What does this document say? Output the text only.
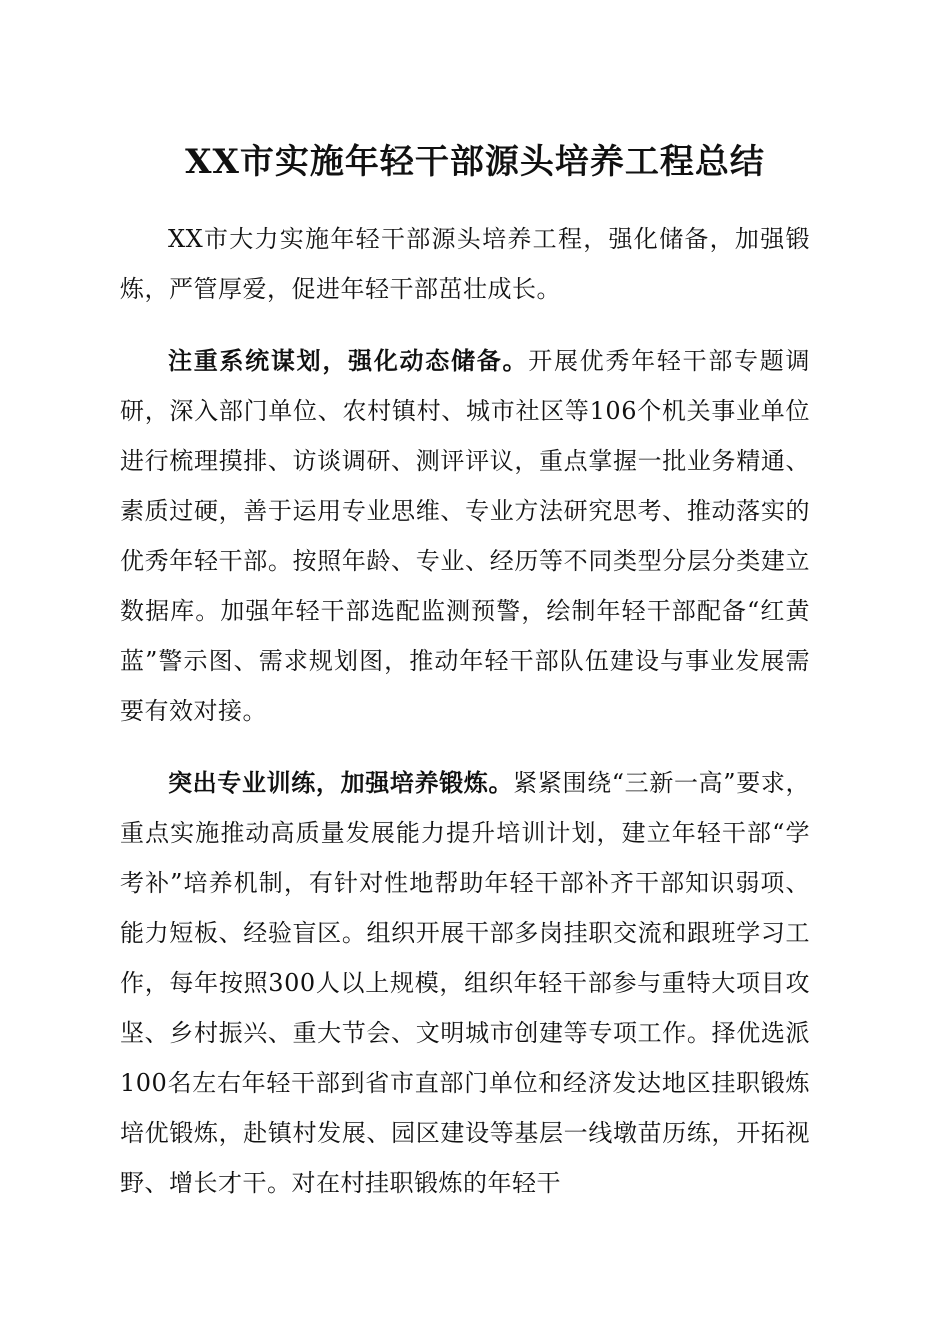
XX市实施年轻干部源头培养工程总结

XX市大力实施年轻干部源头培养工程，强化储备，加强锻炼，严管厚爱，促进年轻干部茁壮成长。

注重系统谋划，强化动态储备。开展优秀年轻干部专题调研，深入部门单位、农村镇村、城市社区等106个机关事业单位进行梳理摸排、访谈调研、测评评议，重点掌握一批业务精通、素质过硬，善于运用专业思维、专业方法研究思考、推动落实的优秀年轻干部。按照年龄、专业、经历等不同类型分层分类建立数据库。加强年轻干部选配监测预警，绘制年轻干部配备“红黄蓝”警示图、需求规划图，推动年轻干部队伍建设与事业发展需要有效对接。

突出专业训练，加强培养锻炼。紧紧围绕“三新一高”要求，重点实施推动高质量发展能力提升培训计划，建立年轻干部“学考补”培养机制，有针对性地帮助年轻干部补齐干部知识弱项、能力短板、经验盲区。组织开展干部多岗挂职交流和跟班学习工作，每年按照300人以上规模，组织年轻干部参与重特大项目攻坚、乡村振兴、重大节会、文明城市创建等专项工作。择优选派100名左右年轻干部到省市直部门单位和经济发达地区挂职锻炼培优锻炼，赴镇村发展、园区建设等基层一线墩苗历练，开拓视野、增长才干。对在村挂职锻炼的年轻干
